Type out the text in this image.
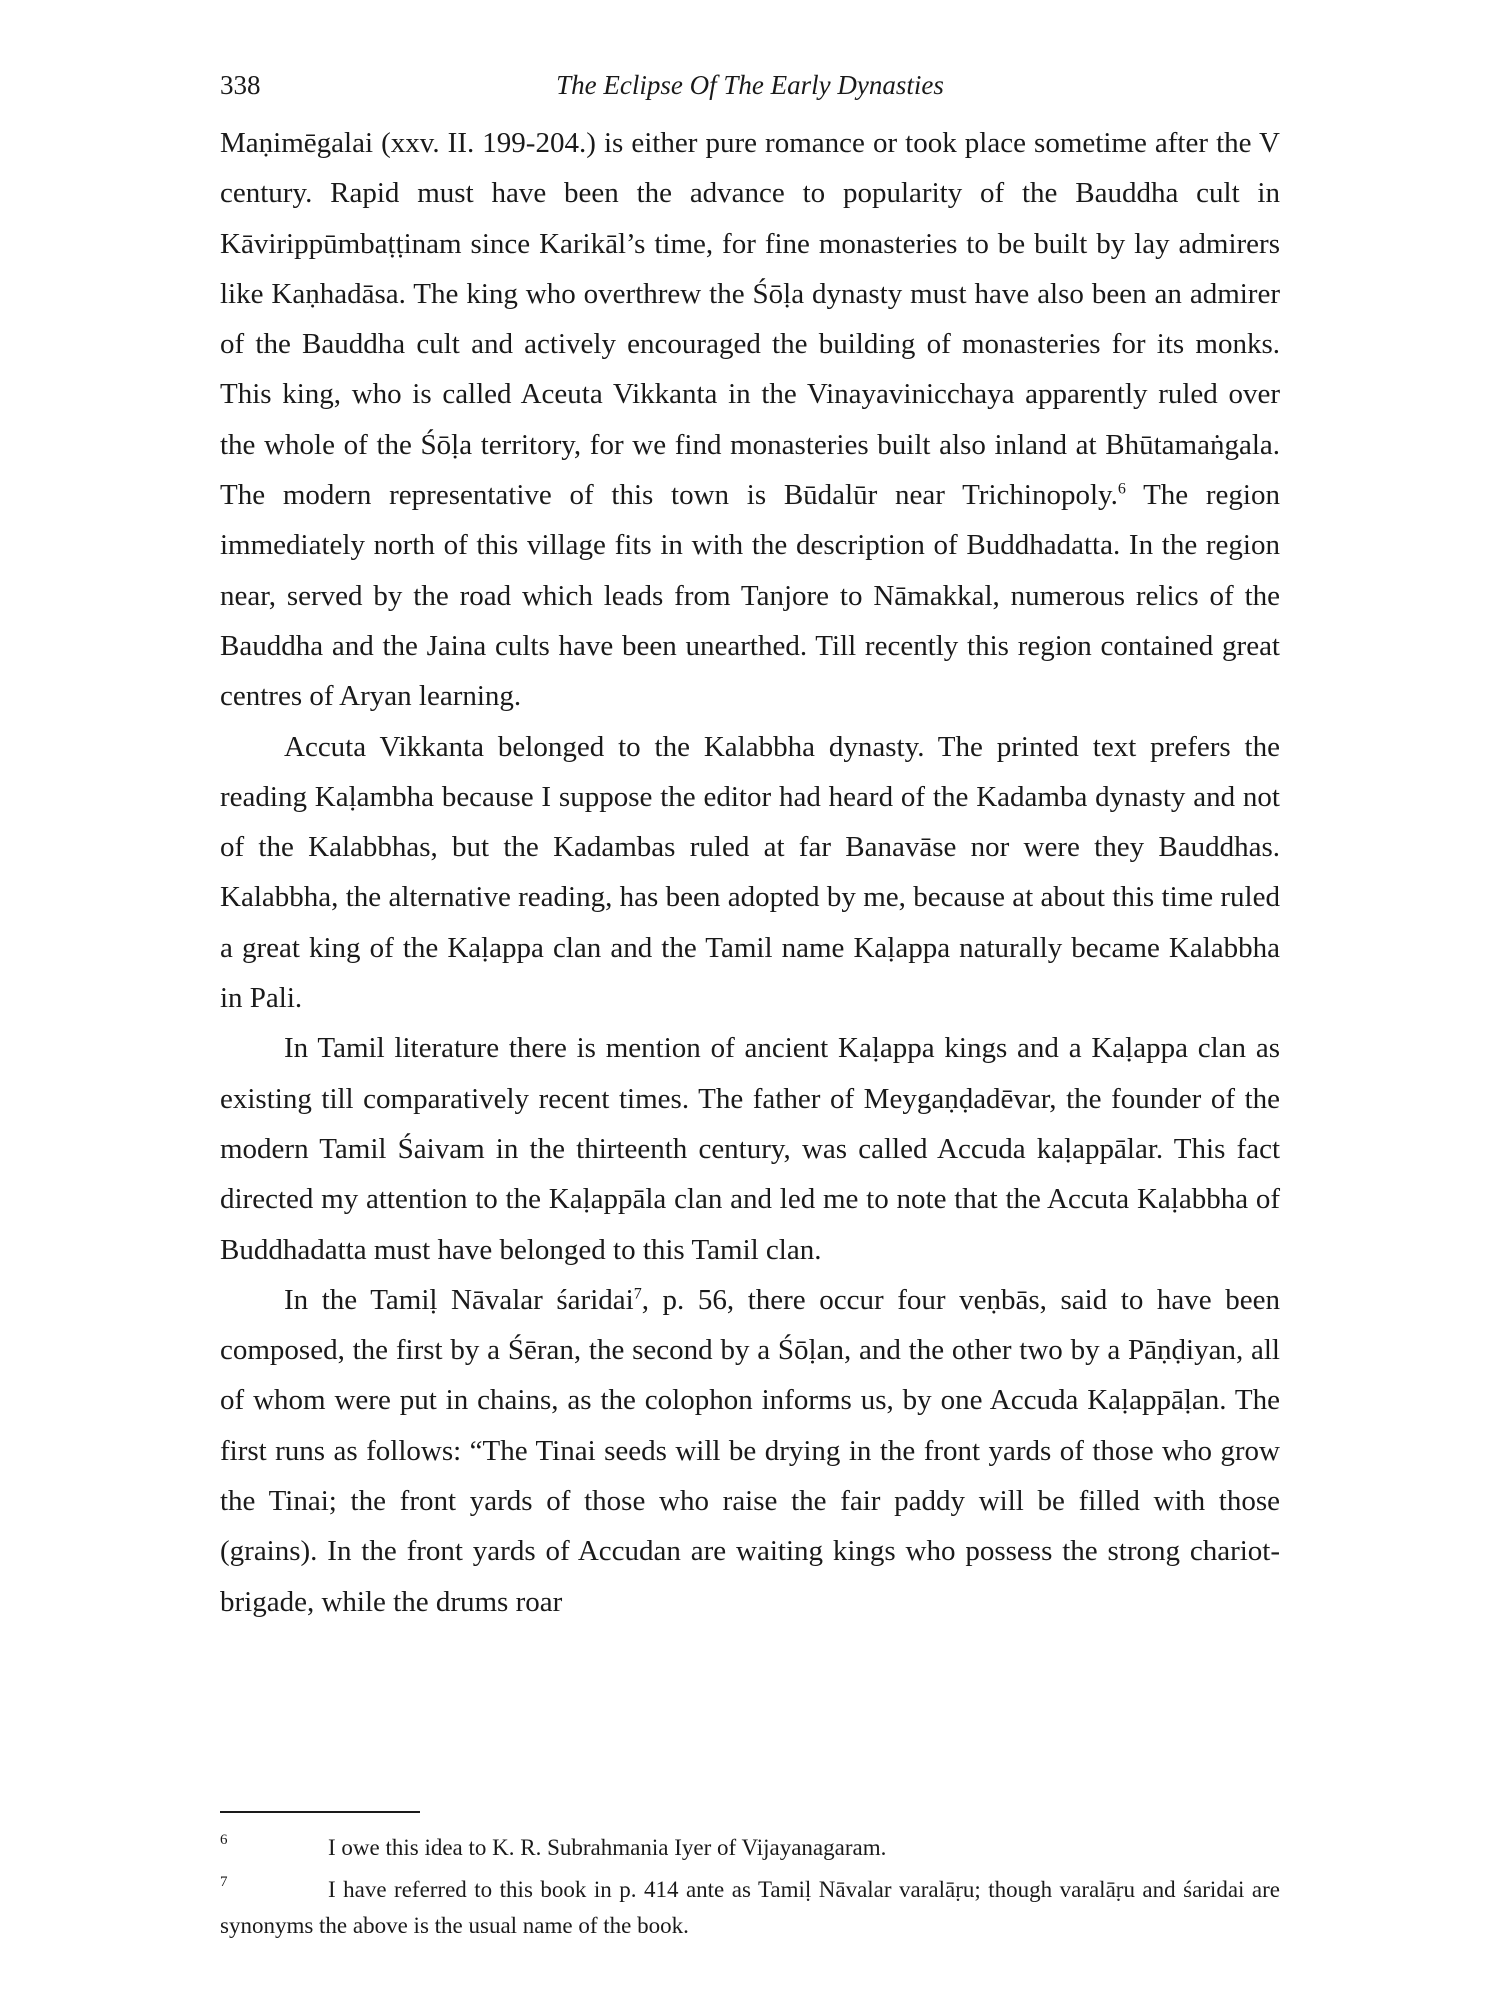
338	The Eclipse Of The Early Dynasties

Maṇimēgalai (xxv. II. 199-204.) is either pure romance or took place sometime after the V century. Rapid must have been the advance to popularity of the Bauddha cult in Kāvirippūmbaṭṭinam since Karikāl’s time, for fine monasteries to be built by lay admirers like Kaṇhadāsa. The king who overthrew the Śōḷa dynasty must have also been an admirer of the Bauddha cult and actively encouraged the building of monasteries for its monks. This king, who is called Aceuta Vikkanta in the Vinayavinicchaya apparently ruled over the whole of the Śōḷa territory, for we find monasteries built also inland at Bhūtamaṅgala. The modern representative of this town is Būdalūr near Trichinopoly.$^6$ The region immediately north of this village fits in with the description of Buddhadatta. In the region near, served by the road which leads from Tanjore to Nāmakkal, numerous relics of the Bauddha and the Jaina cults have been unearthed. Till recently this region contained great centres of Aryan learning.

Accuta Vikkanta belonged to the Kalabbha dynasty. The printed text prefers the reading Kaḷambha because I suppose the editor had heard of the Kadamba dynasty and not of the Kalabbhas, but the Kadambas ruled at far Banavāse nor were they Bauddhas. Kalabbha, the alternative reading, has been adopted by me, because at about this time ruled a great king of the Kaḷappa clan and the Tamil name Kaḷappa naturally became Kalabbha in Pali.

In Tamil literature there is mention of ancient Kaḷappa kings and a Kaḷappa clan as existing till comparatively recent times. The father of Meygaṇḍadēvar, the founder of the modern Tamil Śaivam in the thirteenth century, was called Accuda kaḷappālar. This fact directed my attention to the Kaḷappāla clan and led me to note that the Accuta Kaḷabbha of Buddhadatta must have belonged to this Tamil clan.

In the Tamiḷ Nāvalar śaridai$^7$, p. 56, there occur four veṇbās, said to have been composed, the first by a Śēran, the second by a Śōḷan, and the other two by a Pāṇḍiyan, all of whom were put in chains, as the colophon informs us, by one Accuda Kaḷappāḷan. The first runs as follows: “The Tinai seeds will be drying in the front yards of those who grow the Tinai; the front yards of those who raise the fair paddy will be filled with those (grains). In the front yards of Accudan are waiting kings who possess the strong chariot-brigade, while the drums roar

6	I owe this idea to K. R. Subrahmania Iyer of Vijayanagaram.
7	I have referred to this book in p. 414 ante as Tamiḷ Nāvalar varalāṛu; though varalāṛu and śaridai are synonyms the above is the usual name of the book.
